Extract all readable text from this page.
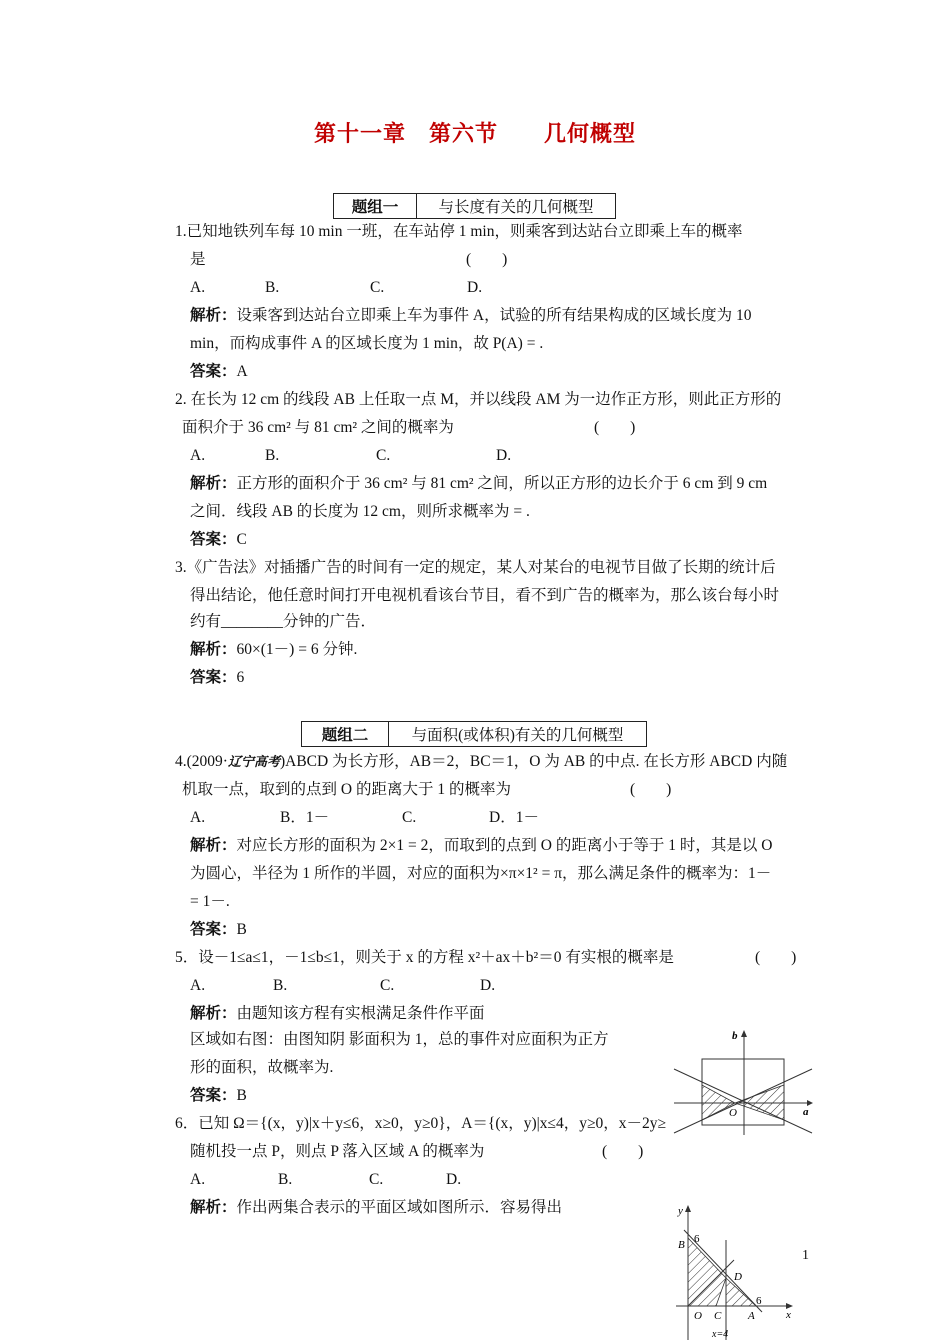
第十一章　第六节　　几何概型
题组一	与长度有关的几何概型
1.已知地铁列车每 10 min 一班，在车站停 1 min，则乘客到达站台立即乘上车的概率
是	(　　)
A.	B.	C.	D.
解析：设乘客到达站台立即乘上车为事件 A，试验的所有结果构成的区域长度为 10
min，而构成事件 A 的区域长度为 1 min，故 P(A) = .
答案：A
2. 在长为 12 cm 的线段 AB 上任取一点 M，并以线段 AM 为一边作正方形，则此正方形的
面积介于 36 cm² 与 81 cm² 之间的概率为	(　　)
A.	B.	C.	D.
解析：正方形的面积介于 36 cm² 与 81 cm² 之间，所以正方形的边长介于 6 cm 到 9 cm
之间．线段 AB 的长度为 12 cm，则所求概率为 = .
答案：C
3.《广告法》对插播广告的时间有一定的规定，某人对某台的电视节目做了长期的统计后
得出结论，他任意时间打开电视机看该台节目，看不到广告的概率为，那么该台每小时
约有________分钟的广告．
解析：60×(1－) = 6 分钟.
答案：6
题组二	与面积(或体积)有关的几何概型
4.(2009·辽宁高考)ABCD 为长方形，AB＝2，BC＝1，O 为 AB 的中点. 在长方形 ABCD 内随
机取一点，取到的点到 O 的距离大于 1 的概率为	(　　)
A.	B．1－	C.	D．1－
解析：对应长方形的面积为 2×1 = 2，而取到的点到 O 的距离小于等于 1 时，其是以 O
为圆心，半径为 1 所作的半圆，对应的面积为×π×1² = π，那么满足条件的概率为：1－
= 1－.
答案：B
5．设－1≤a≤1，－1≤b≤1，则关于 x 的方程 x²＋ax＋b²＝0 有实根的概率是	(　　)
A.	B.	C.	D.
解析：由题知该方程有实根满足条件作平面
区域如右图：由图知阴 影面积为 1，总的事件对应面积为正方
形的面积，故概率为.
答案：B
b
a
O
6．已知 Ω＝{(x，y)|x＋y≤6，x≥0，y≥0}，A＝{(x，y)|x≤4，y≥0，x－2y≥
随机投一点 P，则点 P 落入区域 A 的概率为	(　　)
A.	B.	C.	D.
解析：作出两集合表示的平面区域如图所示．容易得出	y
B 6
D
O C A
6
x
x=4
1
